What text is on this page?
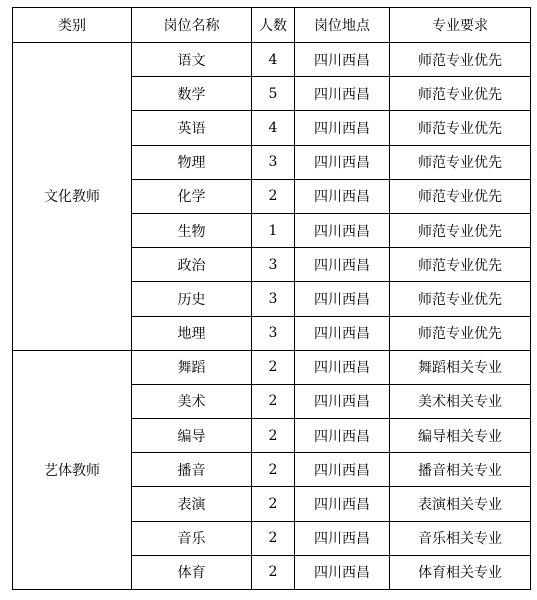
类别	岗位名称	人数	岗位地点	专业要求
文化教师	语文	4	四川西昌	师范专业优先
	数学	5	四川西昌	师范专业优先
	英语	4	四川西昌	师范专业优先
	物理	3	四川西昌	师范专业优先
	化学	2	四川西昌	师范专业优先
	生物	1	四川西昌	师范专业优先
	政治	3	四川西昌	师范专业优先
	历史	3	四川西昌	师范专业优先
	地理	3	四川西昌	师范专业优先
艺体教师	舞蹈	2	四川西昌	舞蹈相关专业
	美术	2	四川西昌	美术相关专业
	编导	2	四川西昌	编导相关专业
	播音	2	四川西昌	播音相关专业
	表演	2	四川西昌	表演相关专业
	音乐	2	四川西昌	音乐相关专业
	体育	2	四川西昌	体育相关专业
